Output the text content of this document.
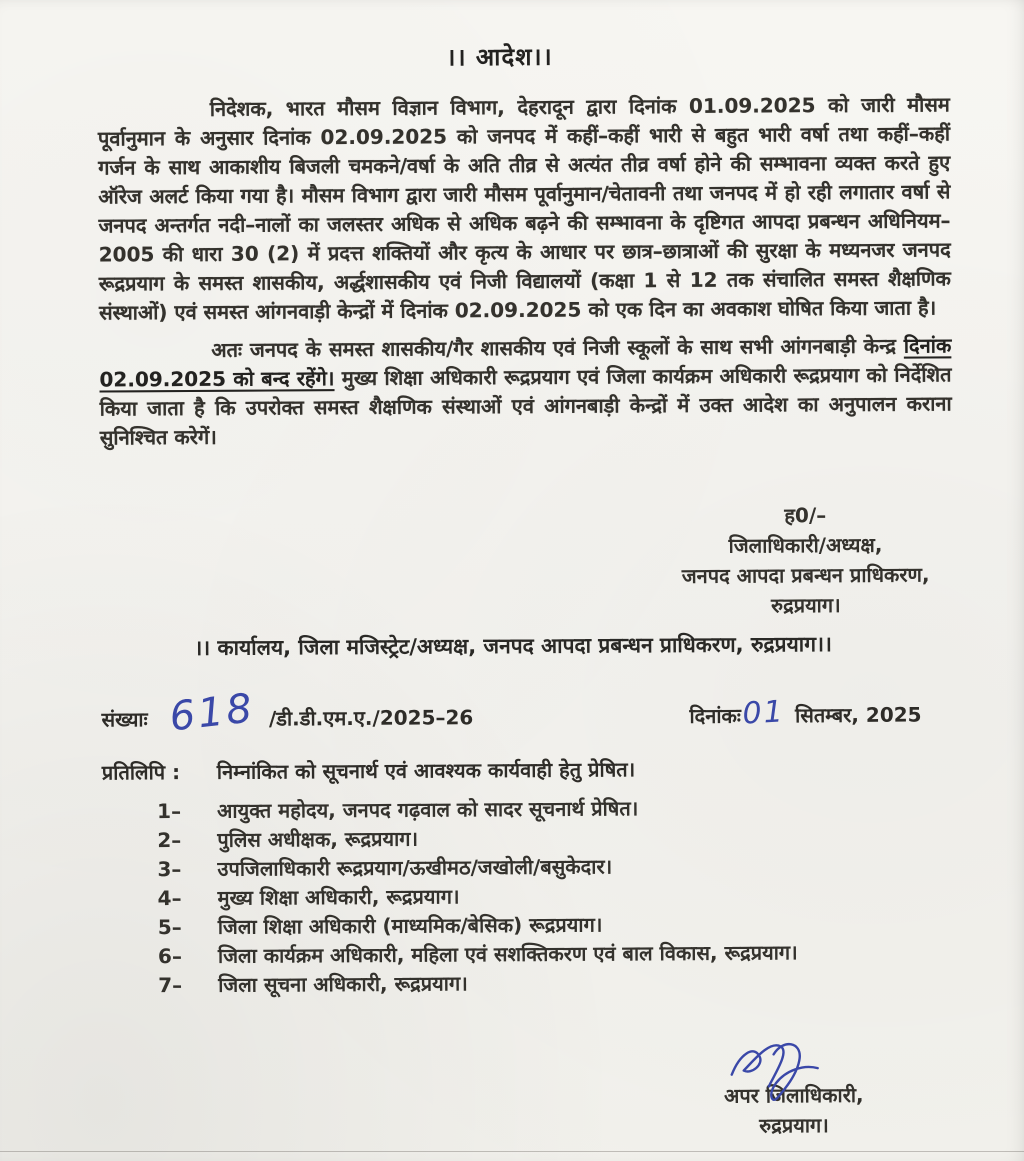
।। आदेश।।

निदेशक, भारत मौसम विज्ञान विभाग, देहरादून द्वारा दिनांक 01.09.2025 को जारी मौसम पूर्वानुमान के अनुसार दिनांक 02.09.2025 को जनपद में कहीं–कहीं भारी से बहुत भारी वर्षा तथा कहीं–कहीं गर्जन के साथ आकाशीय बिजली चमकने/वर्षा के अति तीव्र से अत्यंत तीव्र वर्षा होने की सम्भावना व्यक्त करते हुए ऑरेज अलर्ट किया गया है। मौसम विभाग द्वारा जारी मौसम पूर्वानुमान/चेतावनी तथा जनपद में हो रही लगातार वर्षा से जनपद अन्तर्गत नदी–नालों का जलस्तर अधिक से अधिक बढ़ने की सम्भावना के दृष्टिगत आपदा प्रबन्धन अधिनियम– 2005 की धारा 30 (2) में प्रदत्त शक्तियों और कृत्य के आधार पर छात्र–छात्राओं की सुरक्षा के मध्यनजर जनपद रूद्रप्रयाग के समस्त शासकीय, अर्द्धशासकीय एवं निजी विद्यालयों (कक्षा 1 से 12 तक संचालित समस्त शैक्षणिक संस्थाओं) एवं समस्त आंगनवाड़ी केन्द्रों में दिनांक 02.09.2025 को एक दिन का अवकाश घोषित किया जाता है।

अतः जनपद के समस्त शासकीय/गैर शासकीय एवं निजी स्कूलों के साथ सभी आंगनबाड़ी केन्द्र दिनांक 02.09.2025 को बन्द रहेंगे। मुख्य शिक्षा अधिकारी रूद्रप्रयाग एवं जिला कार्यक्रम अधिकारी रूद्रप्रयाग को निर्देशित किया जाता है कि उपरोक्त समस्त शैक्षणिक संस्थाओं एवं आंगनबाड़ी केन्द्रों में उक्त आदेश का अनुपालन कराना सुनिश्चित करेगें।

ह0/–
जिलाधिकारी/अध्यक्ष,
जनपद आपदा प्रबन्धन प्राधिकरण,
रुद्रप्रयाग।
।। कार्यालय, जिला मजिस्ट्रेट/अध्यक्ष, जनपद आपदा प्रबन्धन प्राधिकरण, रुद्रप्रयाग।।
संख्याः 618 /डी.डी.एम.ए./2025–26	दिनांकः 01 सितम्बर, 2025
प्रतिलिपि :	निम्नांकित को सूचनार्थ एवं आवश्यक कार्यवाही हेतु प्रेषित।
1–	आयुक्त महोदय, जनपद गढ़वाल को सादर सूचनार्थ प्रेषित।
2–	पुलिस अधीक्षक, रूद्रप्रयाग।
3–	उपजिलाधिकारी रूद्रप्रयाग/ऊखीमठ/जखोली/बसुकेदार।
4–	मुख्य शिक्षा अधिकारी, रूद्रप्रयाग।
5–	जिला शिक्षा अधिकारी (माध्यमिक/बेसिक) रूद्रप्रयाग।
6–	जिला कार्यक्रम अधिकारी, महिला एवं सशक्तिकरण एवं बाल विकास, रूद्रप्रयाग।
7–	जिला सूचना अधिकारी, रूद्रप्रयाग।
अपर जिलाधिकारी,
रुद्रप्रयाग।
